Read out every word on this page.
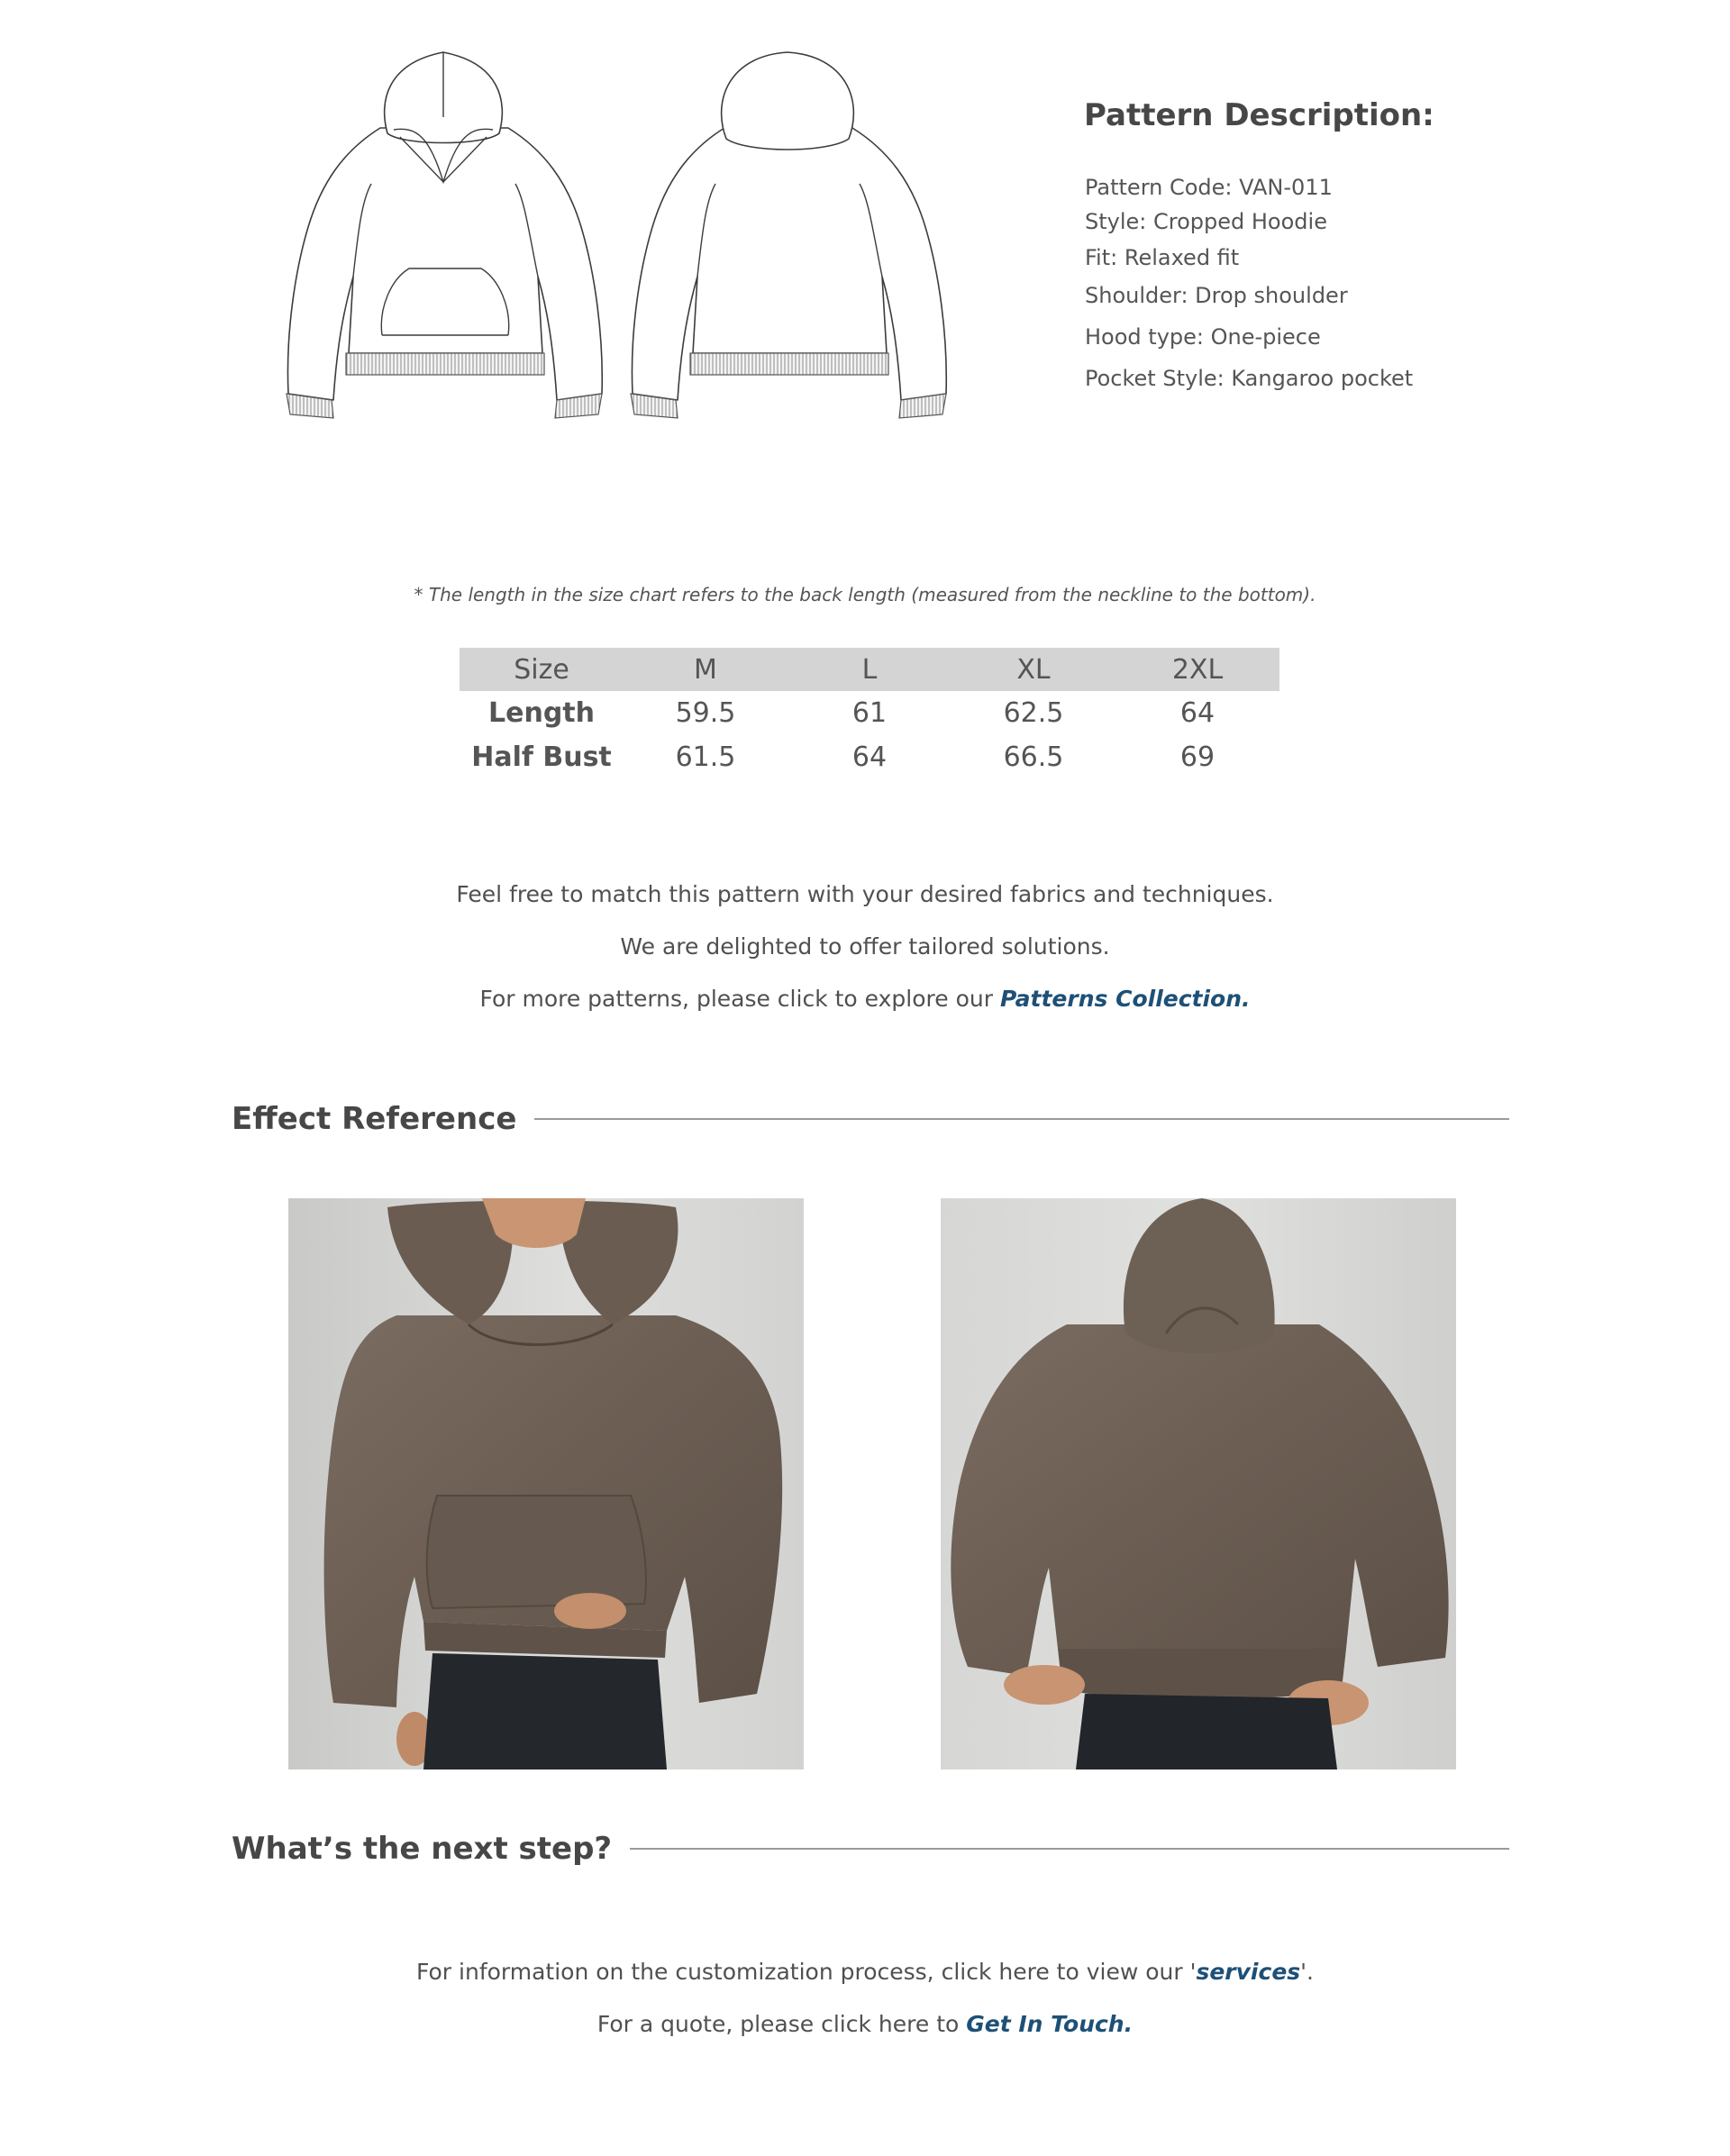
Pattern Description:
Pattern Code: VAN-011
Style: Cropped Hoodie
Fit: Relaxed fit
Shoulder: Drop shoulder
Hood type: One-piece
Pocket Style: Kangaroo pocket
* The length in the size chart refers to the back length (measured from the neckline to the bottom).
Size	M	L	XL	2XL
Length	59.5	61	62.5	64
Half Bust	61.5	64	66.5	69
Feel free to match this pattern with your desired fabrics and techniques.
We are delighted to offer tailored solutions.
For more patterns, please click to explore our Patterns Collection.
Effect Reference
What’s the next step?
For information on the customization process, click here to view our 'services'.
For a quote, please click here to Get In Touch.
